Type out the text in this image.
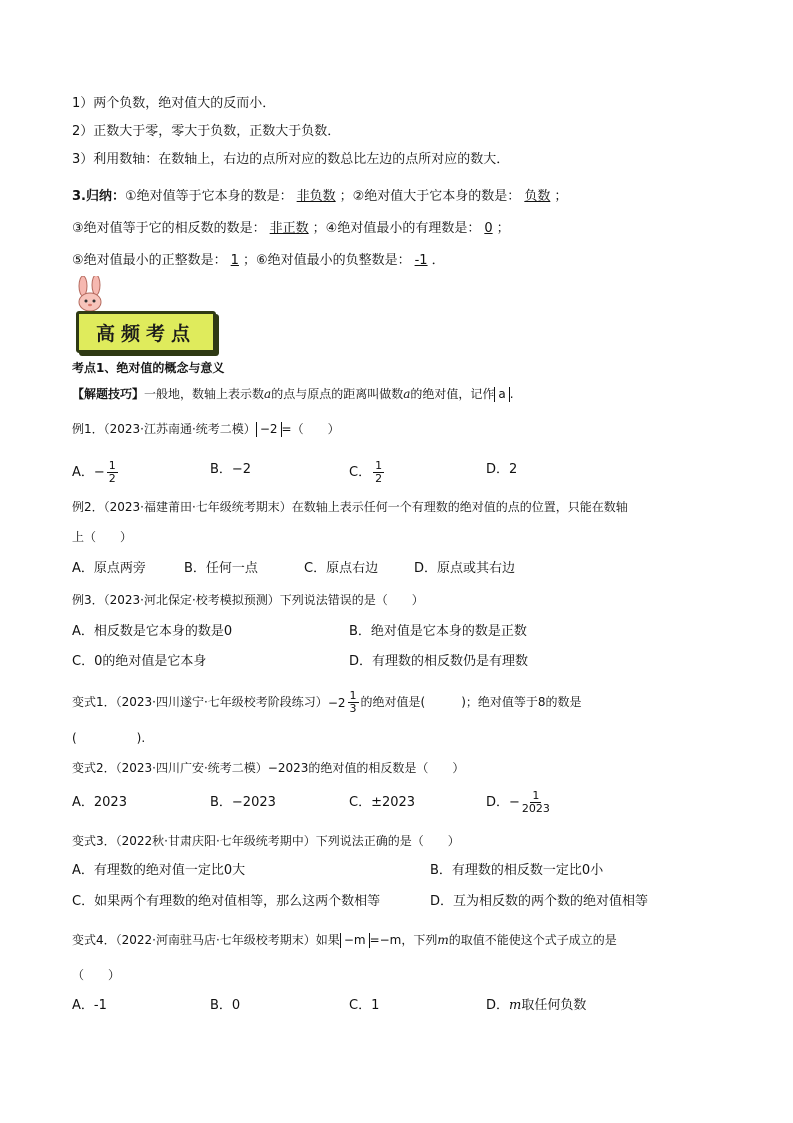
1）两个负数，绝对值大的反而小．
2）正数大于零，零大于负数，正数大于负数．
3）利用数轴：在数轴上，右边的点所对应的数总比左边的点所对应的数大．
3.归纳：①绝对值等于它本身的数是： 非负数 ；②绝对值大于它本身的数是： 负数 ；
③绝对值等于它的相反数的数是： 非正数 ；④绝对值最小的有理数是： 0 ；
⑤绝对值最小的正整数是： 1 ；⑥绝对值最小的负整数是： -1 ．
高频考点
考点1、绝对值的概念与意义
【解题技巧】一般地，数轴上表示数a的点与原点的距离叫做数a的绝对值，记作 a .
例1．（2023·江苏南通·统考二模） −2 =（　　）
A．− $\frac{1}{2}$	B．−2	C． $\frac{1}{2}$	D．2
例2．（2023·福建莆田·七年级统考期末）在数轴上表示任何一个有理数的绝对值的点的位置，只能在数轴
上（　　）
A．原点两旁	B．任何一点	C．原点右边	D．原点或其右边
例3．（2023·河北保定·校考模拟预测）下列说法错误的是（　　）
A．相反数是它本身的数是0	B．绝对值是它本身的数是正数
C．0的绝对值是它本身	D．有理数的相反数仍是有理数
变式1．（2023·四川遂宁·七年级校考阶段练习） $-2 \frac{1}{3}$ 的绝对值是(　　　)；绝对值等于8的数是
(　　　　　).
变式2．（2023·四川广安·统考二模）−2023的绝对值的相反数是（　　）
A．2023	B．−2023	C．±2023	D．− $\frac{1}{2023}$
变式3．（2022秋·甘肃庆阳·七年级统考期中）下列说法正确的是（　　）
A．有理数的绝对值一定比0大	B．有理数的相反数一定比0小
C．如果两个有理数的绝对值相等，那么这两个数相等	D．互为相反数的两个数的绝对值相等
变式4．（2022·河南驻马店·七年级校考期末）如果 −m =−m，下列m的取值不能使这个式子成立的是
（　　）
A．-1	B．0	C．1	D．m取任何负数
